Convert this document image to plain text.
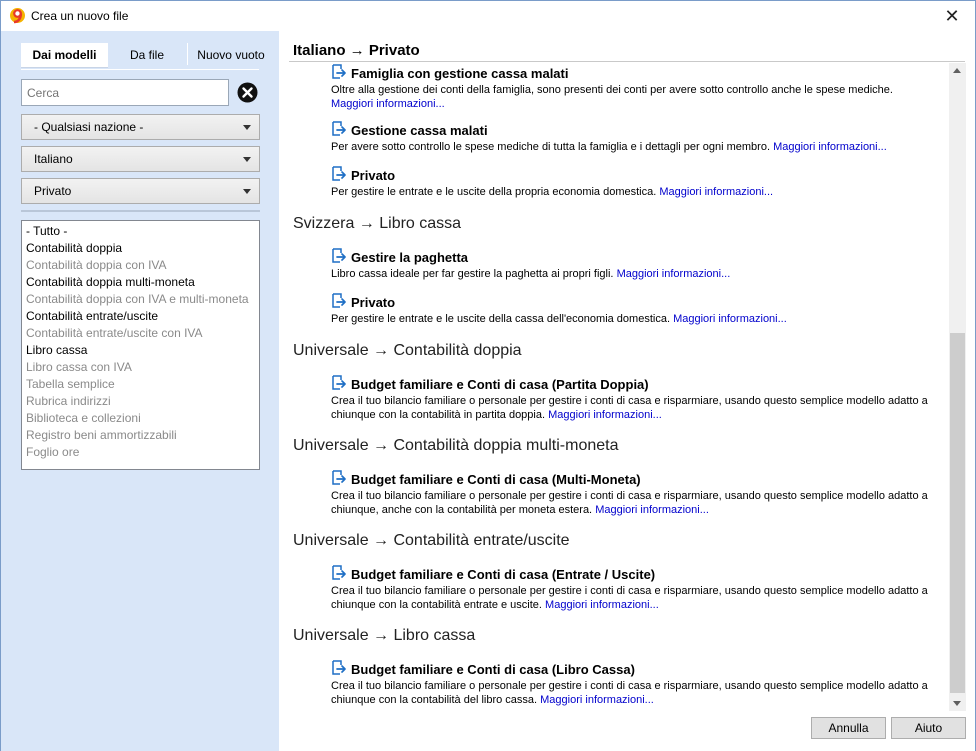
Crea un nuovo file	✕
Dai modelli	Da file	Nuovo vuoto
Cerca
- Qualsiasi nazione -
Italiano
Privato
- Tutto -
Contabilità doppia
Contabilità doppia con IVA
Contabilità doppia multi-moneta
Contabilità doppia con IVA e multi-moneta
Contabilità entrate/uscite
Contabilità entrate/uscite con IVA
Libro cassa
Libro cassa con IVA
Tabella semplice
Rubrica indirizzi
Biblioteca e collezioni
Registro beni ammortizzabili
Foglio ore
Italiano → Privato
Famiglia con gestione cassa malati
Oltre alla gestione dei conti della famiglia, sono presenti dei conti per avere sotto controllo anche le spese mediche. Maggiori informazioni...
Gestione cassa malati
Per avere sotto controllo le spese mediche di tutta la famiglia e i dettagli per ogni membro. Maggiori informazioni...
Privato
Per gestire le entrate e le uscite della propria economia domestica. Maggiori informazioni...
Svizzera → Libro cassa
Gestire la paghetta
Libro cassa ideale per far gestire la paghetta ai propri figli. Maggiori informazioni...
Privato
Per gestire le entrate e le uscite della cassa dell'economia domestica. Maggiori informazioni...
Universale → Contabilità doppia
Budget familiare e Conti di casa (Partita Doppia)
Crea il tuo bilancio familiare o personale per gestire i conti di casa e risparmiare, usando questo semplice modello adatto a chiunque con la contabilità in partita doppia. Maggiori informazioni...
Universale → Contabilità doppia multi-moneta
Budget familiare e Conti di casa (Multi-Moneta)
Crea il tuo bilancio familiare o personale per gestire i conti di casa e risparmiare, usando questo semplice modello adatto a chiunque, anche con la contabilità per moneta estera. Maggiori informazioni...
Universale → Contabilità entrate/uscite
Budget familiare e Conti di casa (Entrate / Uscite)
Crea il tuo bilancio familiare o personale per gestire i conti di casa e risparmiare, usando questo semplice modello adatto a chiunque con la contabilità entrate e uscite. Maggiori informazioni...
Universale → Libro cassa
Budget familiare e Conti di casa (Libro Cassa)
Crea il tuo bilancio familiare o personale per gestire i conti di casa e risparmiare, usando questo semplice modello adatto a chiunque con la contabilità del libro cassa. Maggiori informazioni...
Annulla	Aiuto
